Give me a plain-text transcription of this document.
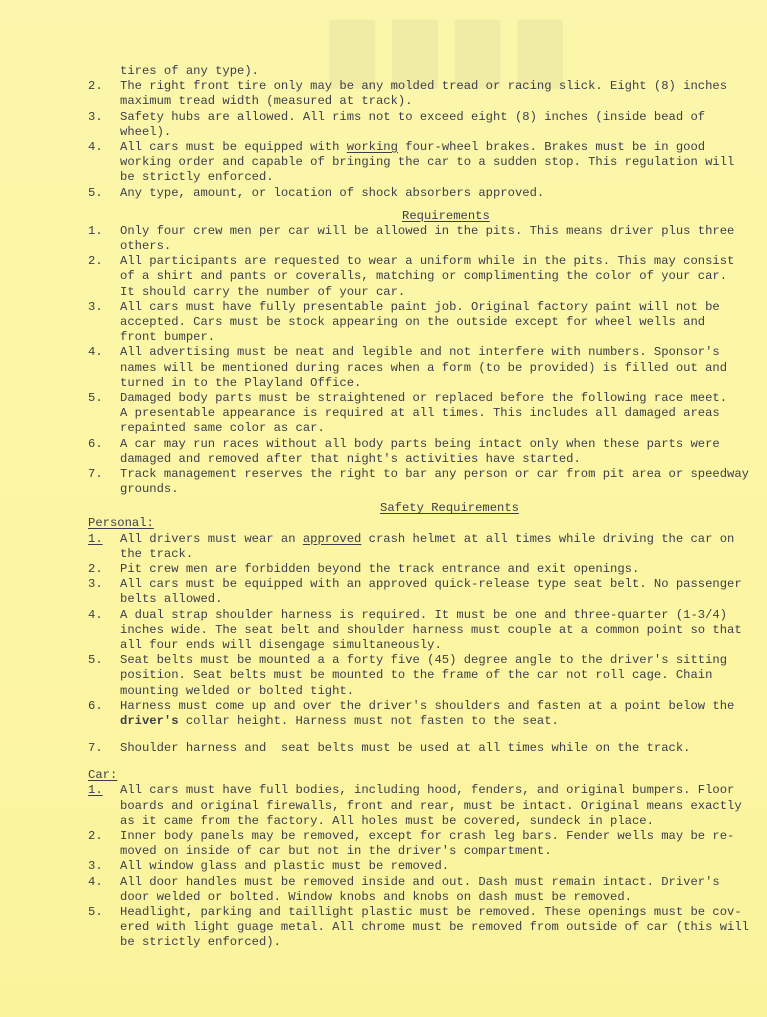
████
tires of any type).
2.	The right front tire only may be any molded tread or racing slick. Eight (8) inches
maximum tread width (measured at track).
3.	Safety hubs are allowed. All rims not to exceed eight (8) inches (inside bead of
wheel).
4.	All cars must be equipped with working four-wheel brakes. Brakes must be in good
working order and capable of bringing the car to a sudden stop. This regulation will
be strictly enforced.
5.	Any type, amount, or location of shock absorbers approved.
Requirements
1.	Only four crew men per car will be allowed in the pits. This means driver plus three
others.
2.	All participants are requested to wear a uniform while in the pits. This may consist
of a shirt and pants or coveralls, matching or complimenting the color of your car.
It should carry the number of your car.
3.	All cars must have fully presentable paint job. Original factory paint will not be
accepted. Cars must be stock appearing on the outside except for wheel wells and
front bumper.
4.	All advertising must be neat and legible and not interfere with numbers. Sponsor's
names will be mentioned during races when a form (to be provided) is filled out and
turned in to the Playland Office.
5.	Damaged body parts must be straightened or replaced before the following race meet.
A presentable appearance is required at all times. This includes all damaged areas
repainted same color as car.
6.	A car may run races without all body parts being intact only when these parts were
damaged and removed after that night's activities have started.
7.	Track management reserves the right to bar any person or car from pit area or speedway
grounds.
Safety Requirements
Personal:
1.	All drivers must wear an approved crash helmet at all times while driving the car on
the track.
2.	Pit crew men are forbidden beyond the track entrance and exit openings.
3.	All cars must be equipped with an approved quick-release type seat belt. No passenger
belts allowed.
4.	A dual strap shoulder harness is required. It must be one and three-quarter (1-3/4)
inches wide. The seat belt and shoulder harness must couple at a common point so that
all four ends will disengage simultaneously.
5.	Seat belts must be mounted a a forty five (45) degree angle to the driver's sitting
position. Seat belts must be mounted to the frame of the car not roll cage. Chain
mounting welded or bolted tight.
6.	Harness must come up and over the driver's shoulders and fasten at a point below the
driver's collar height. Harness must not fasten to the seat.
7.	Shoulder harness and  seat belts must be used at all times while on the track.
Car:
1.	All cars must have full bodies, including hood, fenders, and original bumpers. Floor
boards and original firewalls, front and rear, must be intact. Original means exactly
as it came from the factory. All holes must be covered, sundeck in place.
2.	Inner body panels may be removed, except for crash leg bars. Fender wells may be re-
moved on inside of car but not in the driver's compartment.
3.	All window glass and plastic must be removed.
4.	All door handles must be removed inside and out. Dash must remain intact. Driver's
door welded or bolted. Window knobs and knobs on dash must be removed.
5.	Headlight, parking and taillight plastic must be removed. These openings must be cov-
ered with light guage metal. All chrome must be removed from outside of car (this will
be strictly enforced).
